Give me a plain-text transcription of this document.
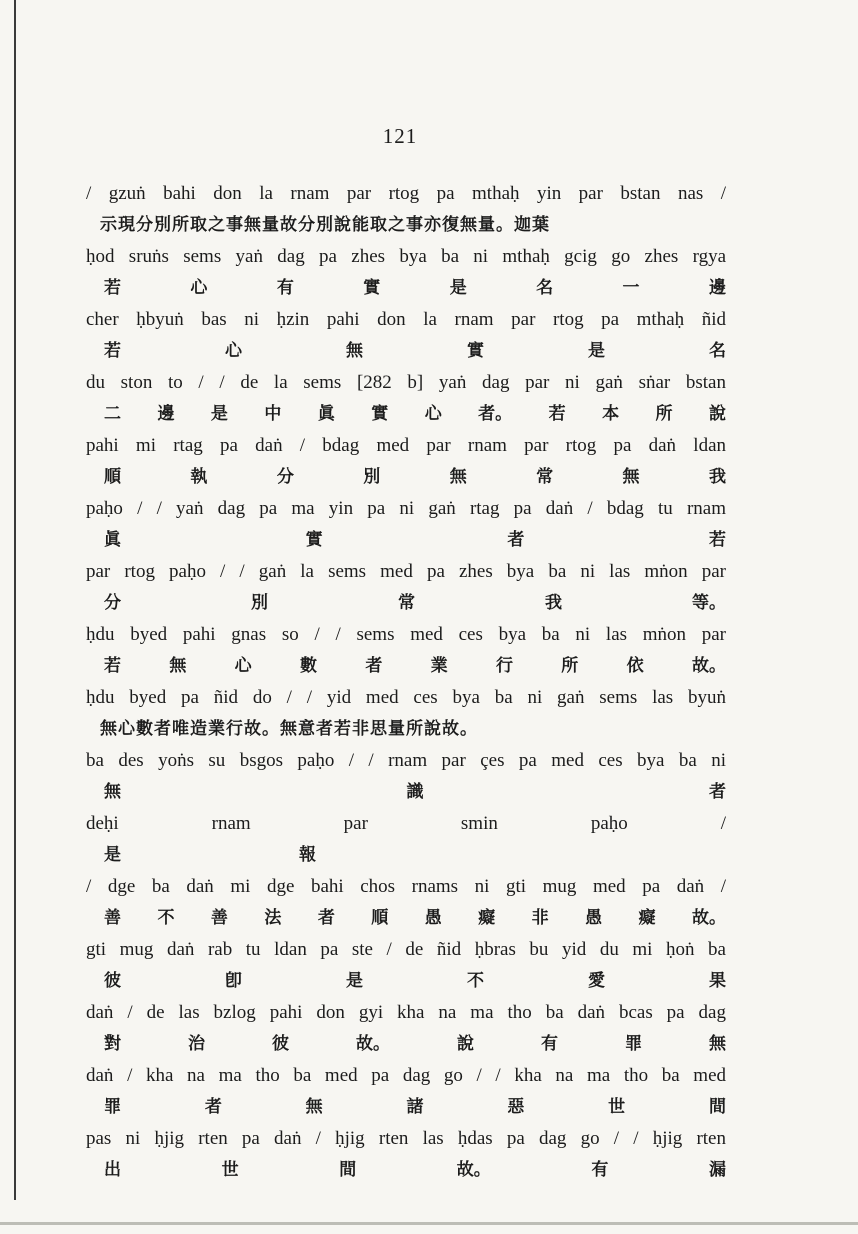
121
/ gzuṅ bahi don la rnam par rtog pa mthaḥ yin par bstan nas /
示現分別所取之事無量故分別說能取之事亦復無量。迦葉
ḥod sruṅs sems yaṅ dag pa zhes bya ba ni mthaḥ gcig go zhes rgya
若	心	有	實	是	名	一	邊
cher ḥbyuṅ bas ni ḥzin pahi don la rnam par rtog pa mthaḥ ñid
若	心	無	實	是	名
du ston to / / de la sems [282 b] yaṅ dag par ni gaṅ sṅar bstan
二 邊 是 中 眞 實 心 者。 若 本 所 說
pahi mi rtag pa daṅ / bdag med par rnam par rtog pa daṅ ldan
順	執	分	別	無	常	無	我
paḥo / / yaṅ dag pa ma yin pa ni gaṅ rtag pa daṅ / bdag tu rnam
眞	實	者	若
par rtog paḥo / / gaṅ la sems med pa zhes bya ba ni las mṅon par
分	別	常	我	等。
ḥdu byed pahi gnas so / / sems med ces bya ba ni las mṅon par
若	無	心	數	者	業	行	所	依	故。
ḥdu byed pa ñid do / / yid med ces bya ba ni gaṅ sems las byuṅ
無心數者唯造業行故。無意者若非思量所說故。
ba des yoṅs su bsgos paḥo / / rnam par çes pa med ces bya ba ni
無	識	者
deḥi rnam par smin paḥo /
是	報
/ dge ba daṅ mi dge bahi chos rnams ni gti mug med pa daṅ /
善 不 善 法 者 順 愚 癡 非 愚 癡 故。
gti mug daṅ rab tu ldan pa ste / de ñid ḥbras bu yid du mi ḥoṅ ba
彼	卽	是	不	愛	果
daṅ / de las bzlog pahi don gyi kha na ma tho ba daṅ bcas pa dag
對	治	彼	故。	說	有	罪	無
daṅ / kha na ma tho ba med pa dag go / / kha na ma tho ba med
罪	者	無	諸	惡	世	間
pas ni ḥjig rten pa daṅ / ḥjig rten las ḥdas pa dag go / / ḥjig rten
出	世	間	故。	有	漏
